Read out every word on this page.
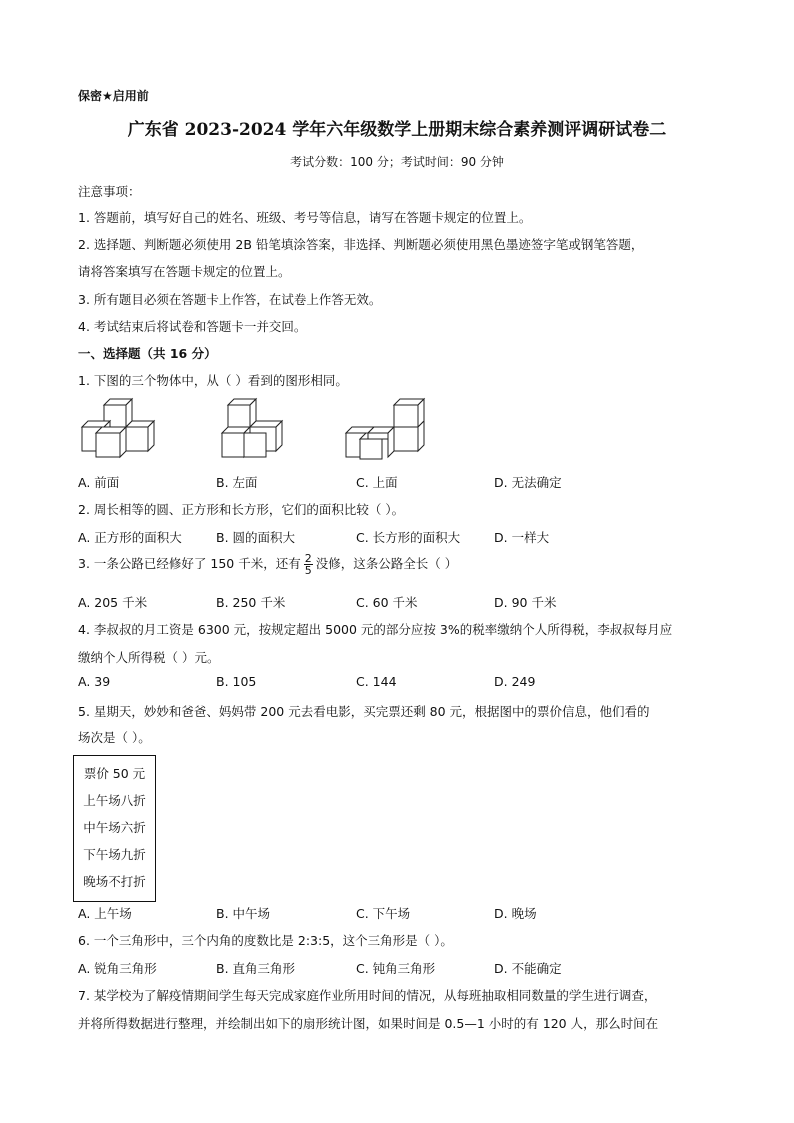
保密★启用前
广东省 2023-2024 学年六年级数学上册期末综合素养测评调研试卷二
考试分数：100 分；考试时间：90 分钟
注意事项：
1. 答题前，填写好自己的姓名、班级、考号等信息，请写在答题卡规定的位置上。
2. 选择题、判断题必须使用 2B 铅笔填涂答案，非选择、判断题必须使用黑色墨迹签字笔或钢笔答题，
请将答案填写在答题卡规定的位置上。
3. 所有题目必须在答题卡上作答，在试卷上作答无效。
4. 考试结束后将试卷和答题卡一并交回。
一、选择题（共 16 分）
1. 下图的三个物体中，从（ ）看到的图形相同。
A. 前面	B. 左面	C. 上面	D. 无法确定
2. 周长相等的圆、正方形和长方形，它们的面积比较（ ）。
A. 正方形的面积大	B. 圆的面积大	C. 长方形的面积大	D. 一样大
3. 一条公路已经修好了 150 千米，还有 $\frac{2}{5}$ 没修，这条公路全长（ ）
A. 205 千米	B. 250 千米	C. 60 千米	D. 90 千米
4. 李叔叔的月工资是 6300 元，按规定超出 5000 元的部分应按 3%的税率缴纳个人所得税，李叔叔每月应
缴纳个人所得税（ ）元。
A. 39	B. 105	C. 144	D. 249
5. 星期天，妙妙和爸爸、妈妈带 200 元去看电影，买完票还剩 80 元，根据图中的票价信息，他们看的
场次是（ ）。
票价 50 元
上午场八折
中午场六折
下午场九折
晚场不打折
A. 上午场	B. 中午场	C. 下午场	D. 晚场
6. 一个三角形中，三个内角的度数比是 2:3:5，这个三角形是（ ）。
A. 锐角三角形	B. 直角三角形	C. 钝角三角形	D. 不能确定
7. 某学校为了解疫情期间学生每天完成家庭作业所用时间的情况，从每班抽取相同数量的学生进行调查，
并将所得数据进行整理，并绘制出如下的扇形统计图，如果时间是 0.5—1 小时的有 120 人，那么时间在
